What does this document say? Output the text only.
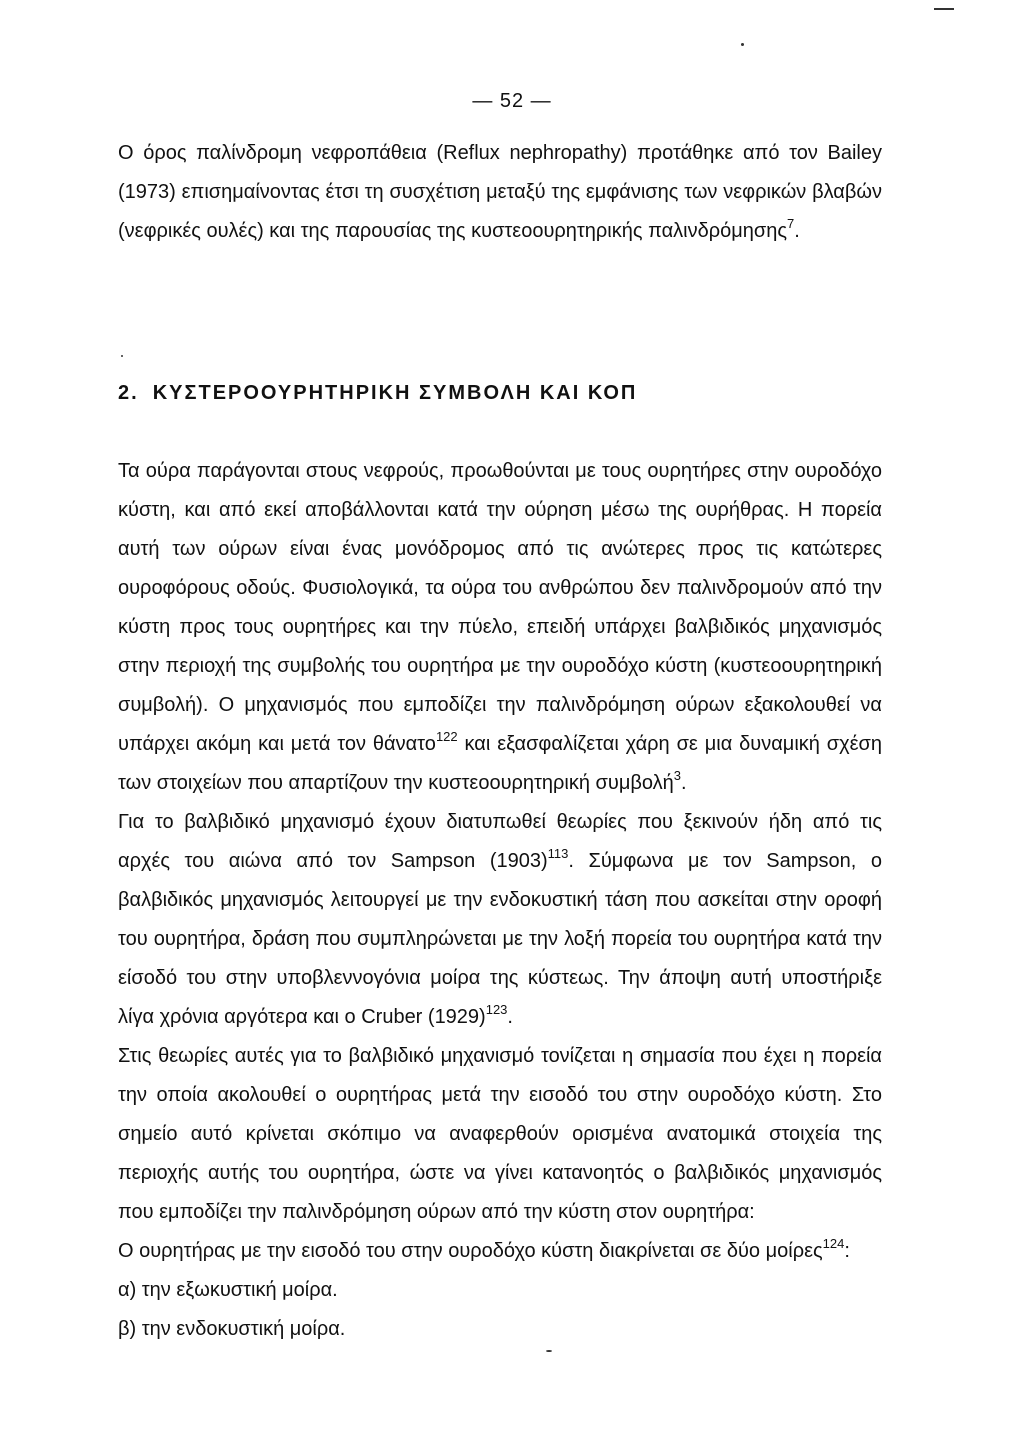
— 52 —

Ο όρος παλίνδρομη νεφροπάθεια (Reflux nephropathy) προτάθηκε από τον Bailey (1973) επισημαίνοντας έτσι τη συσχέτιση μεταξύ της εμφάνισης των νεφρικών βλαβών (νεφρικές ουλές) και της παρουσίας της κυστεοουρητηρικής παλινδρόμησης$^7$.

2. ΚΥΣΤΕΡΟΟΥΡΗΤΗΡΙΚΗ ΣΥΜΒΟΛΗ ΚΑΙ ΚΟΠ

Τα ούρα παράγονται στους νεφρούς, προωθούνται με τους ουρητήρες στην ουροδόχο κύστη, και από εκεί αποβάλλονται κατά την ούρηση μέσω της ουρήθρας. Η πορεία αυτή των ούρων είναι ένας μονόδρομος από τις ανώτερες προς τις κατώτερες ουροφόρους οδούς. Φυσιολογικά, τα ούρα του ανθρώπου δεν παλινδρομούν από την κύστη προς τους ουρητήρες και την πύελο, επειδή υπάρχει βαλβιδικός μηχανισμός στην περιοχή της συμβολής του ουρητήρα με την ουροδόχο κύστη (κυστεοουρητηρική συμβολή). Ο μηχανισμός που εμποδίζει την παλινδρόμηση ούρων εξακολουθεί να υπάρχει ακόμη και μετά τον θάνατο$^{122}$ και εξασφαλίζεται χάρη σε μια δυναμική σχέση των στοιχείων που απαρτίζουν την κυστεοουρητηρική συμβολή$^3$.

Για το βαλβιδικό μηχανισμό έχουν διατυπωθεί θεωρίες που ξεκινούν ήδη από τις αρχές του αιώνα από τον Sampson $(1903)^{113}$. Σύμφωνα με τον Sampson, ο βαλβιδικός μηχανισμός λειτουργεί με την ενδοκυστική τάση που ασκείται στην οροφή του ουρητήρα, δράση που συμπληρώνεται με την λοξή πορεία του ουρητήρα κατά την είσοδό του στην υποβλεννογόνια μοίρα της κύστεως. Την άποψη αυτή υποστήριξε λίγα χρόνια αργότερα και ο Cruber $(1929)^{123}$.

Στις θεωρίες αυτές για το βαλβιδικό μηχανισμό τονίζεται η σημασία που έχει η πορεία την οποία ακολουθεί ο ουρητήρας μετά την εισοδό του στην ουροδόχο κύστη. Στο σημείο αυτό κρίνεται σκόπιμο να αναφερθούν ορισμένα ανατομικά στοιχεία της περιοχής αυτής του ουρητήρα, ώστε να γίνει κατανοητός ο βαλβιδικός μηχανισμός που εμποδίζει την παλινδρόμηση ούρων από την κύστη στον ουρητήρα:

Ο ουρητήρας με την εισοδό του στην ουροδόχο κύστη διακρίνεται σε δύο μοίρες$^{124}$:

α) την εξωκυστική μοίρα.
β) την ενδοκυστική μοίρα.
